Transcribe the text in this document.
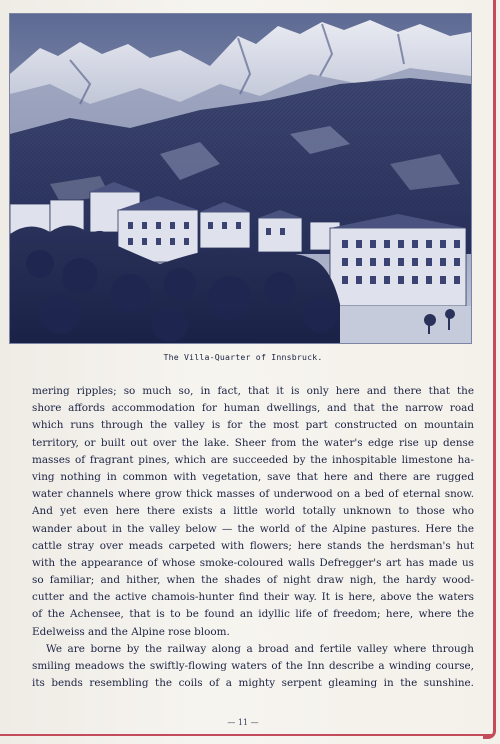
The Villa-Quarter of Innsbruck.
mering ripples; so much so, in fact, that it is only here and there that the
shore affords accommodation for human dwellings, and that the narrow road
which runs through the valley is for the most part constructed on mountain
territory, or built out over the lake. Sheer from the water's edge rise up dense
masses of fragrant pines, which are succeeded by the inhospitable limestone ha-
ving nothing in common with vegetation, save that here and there are rugged
water channels where grow thick masses of underwood on a bed of eternal snow.
And yet even here there exists a little world totally unknown to those who
wander about in the valley below — the world of the Alpine pastures. Here the
cattle stray over meads carpeted with flowers; here stands the herdsman's hut
with the appearance of whose smoke-coloured walls Defregger's art has made us
so familiar; and hither, when the shades of night draw nigh, the hardy wood-
cutter and the active chamois-hunter find their way. It is here, above the waters
of the Achensee, that is to be found an idyllic life of freedom; here, where the
Edelweiss and the Alpine rose bloom.
We are borne by the railway along a broad and fertile valley where through
smiling meadows the swiftly-flowing waters of the Inn describe a winding course,
its bends resembling the coils of a mighty serpent gleaming in the sunshine.
— 11 —
